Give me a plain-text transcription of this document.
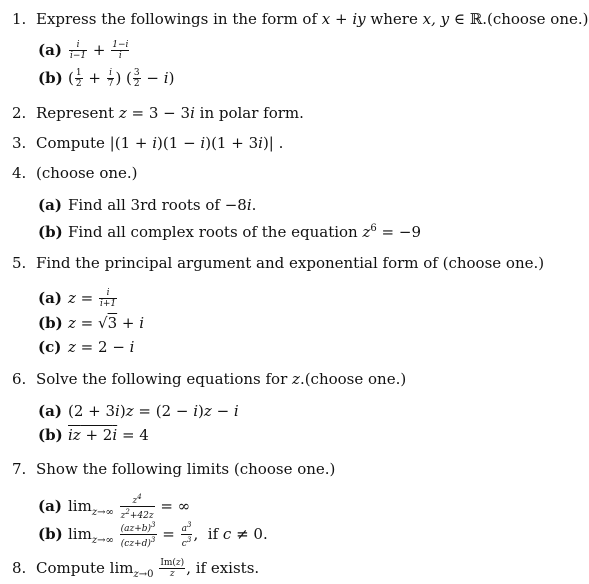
1. Express the followings in the form of x + iy where x, y ∈ ℝ.(choose one.)
$(a) \frac{i}{i-1} + \frac{1-i}{i}$
(b) ( $\frac{1}{2} + \frac{i}{7}$ ) ( $\frac{3}{2} - i$)
2. Represent z = 3 − 3i in polar form.
3. Compute |(1 + i)(1 − i)(1 + 3i)| .
4. (choose one.)
(a) Find all 3rd roots of −8i.
(b) Find all complex roots of the equation $z^6 = -9$
5. Find the principal argument and exponential form of (choose one.)
(a) $z = \frac{i}{i+1}$
(b) z = √3 + i
(c) z = 2 − i
6. Solve the following equations for z.(choose one.)
(a) (2 + 3i)z = (2 − i)z − i
(b) iz + 2i = 4
7. Show the following limits (choose one.)
(a) $\lim_{z\to\infty} \frac{z^4}{z^2+42z}$ = ∞
(b) $\lim_{z\to\infty} \frac{(az+b)^3}{(cz+d)^3} = \frac{a^3}{c^3}$ ,  if c ≠ 0.
8. Compute $\lim_{z\to 0} \frac{Im(z)}{z}$ , if exists.
